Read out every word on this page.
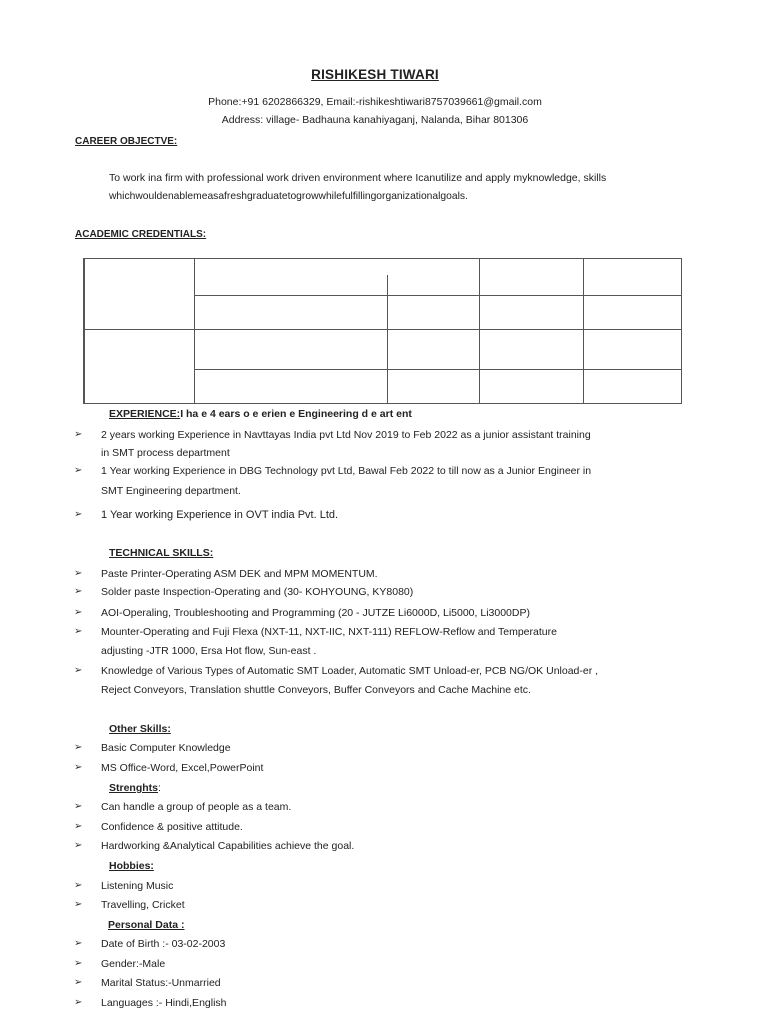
RISHIKESH TIWARI
Phone:+91 6202866329, Email:-rishikeshtiwari8757039661@gmail.com
Address: village- Badhauna kanahiyaganj, Nalanda, Bihar 801306
CAREER OBJECTVE:
To work ina firm with professional work driven environment where Icanutilize and apply myknowledge, skills
whichwouldenablemeasafreshgraduatetogrowwhilefulfillingorganizationalgoals.
ACADEMIC CREDENTIALS:
EXPERIENCE:I ha e 4 ears o e erien e Engineering d e art ent
➢ 2 years working Experience in Navttayas India pvt Ltd Nov 2019 to Feb 2022 as a junior assistant training
in SMT process department
➢ 1 Year working Experience in DBG Technology pvt Ltd, Bawal Feb 2022 to till now as a Junior Engineer in
SMT Engineering department.
➢ 1 Year working Experience in OVT india Pvt. Ltd.
TECHNICAL SKILLS:
➢ Paste Printer-Operating ASM DEK and MPM MOMENTUM.
➢ Solder paste Inspection-Operating and (30- KOHYOUNG, KY8080)
➢ AOI-Operaling, Troubleshooting and Programming (20 - JUTZE Li6000D, Li5000, Li3000DP)
➢ Mounter-Operating and Fuji Flexa (NXT-11, NXT-IIC, NXT-111) REFLOW-Reflow and Temperature
adjusting -JTR 1000, Ersa Hot flow, Sun-east .
➢ Knowledge of Various Types of Automatic SMT Loader, Automatic SMT Unload-er, PCB NG/OK Unload-er ,
Reject Conveyors, Translation shuttle Conveyors, Buffer Conveyors and Cache Machine etc.
Other Skills:
➢ Basic Computer Knowledge
➢ MS Office-Word, Excel,PowerPoint
Strenghts:
➢ Can handle a group of people as a team.
➢ Confidence & positive attitude.
➢ Hardworking &Analytical Capabilities achieve the goal.
Hobbies:
➢ Listening Music
➢ Travelling, Cricket
Personal Data :
➢ Date of Birth :- 03-02-2003
➢ Gender:-Male
➢ Marital Status:-Unmarried
➢ Languages :- Hindi,English
